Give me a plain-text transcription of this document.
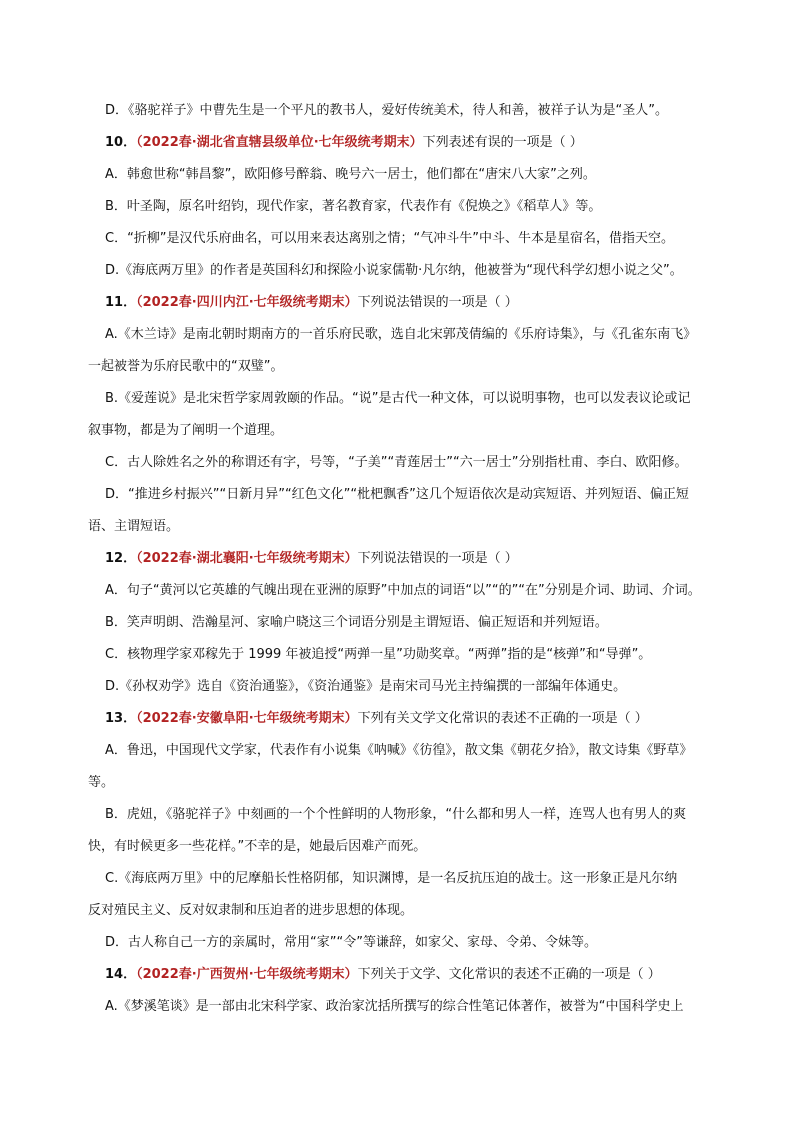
D．《骆驼祥子》中曹先生是一个平凡的教书人，爱好传统美术，待人和善，被祥子认为是“圣人”。
10．（2022春·湖北省直辖县级单位·七年级统考期末）下列表述有误的一项是（ ）
A．韩愈世称“韩昌黎”，欧阳修号醉翁、晚号六一居士，他们都在“唐宋八大家”之列。
B．叶圣陶，原名叶绍钧，现代作家，著名教育家，代表作有《倪焕之》《稻草人》等。
C．“折柳”是汉代乐府曲名，可以用来表达离别之情；“气冲斗牛”中斗、牛本是星宿名，借指天空。
D.《海底两万里》的作者是英国科幻和探险小说家儒勒·凡尔纳，他被誉为“现代科学幻想小说之父”。
11．（2022春·四川内江·七年级统考期末）下列说法错误的一项是（ ）
A.《木兰诗》是南北朝时期南方的一首乐府民歌，选自北宋郭茂倩编的《乐府诗集》，与《孔雀东南飞》
一起被誉为乐府民歌中的“双璧”。
B.《爱莲说》是北宋哲学家周敦颐的作品。“说”是古代一种文体，可以说明事物，也可以发表议论或记
叙事物，都是为了阐明一个道理。
C．古人除姓名之外的称谓还有字，号等，“子美”“青莲居士”“六一居士”分别指杜甫、李白、欧阳修。
D．“推进乡村振兴”“日新月异”“红色文化”“枇杷飘香”这几个短语依次是动宾短语、并列短语、偏正短
语、主谓短语。
12．（2022春·湖北襄阳·七年级统考期末）下列说法错误的一项是（ ）
A．句子“黄河以它英雄的气魄出现在亚洲的原野”中加点的词语“以”“的”“在”分别是介词、助词、介词。
B．笑声明朗、浩瀚星河、家喻户晓这三个词语分别是主谓短语、偏正短语和并列短语。
C．核物理学家邓稼先于 1999 年被追授“两弹一星”功勋奖章。“两弹”指的是“核弹”和“导弹”。
D.《孙权劝学》选自《资治通鉴》，《资治通鉴》是南宋司马光主持编撰的一部编年体通史。
13．（2022春·安徽阜阳·七年级统考期末）下列有关文学文化常识的表述不正确的一项是（ ）
A．鲁迅，中国现代文学家，代表作有小说集《呐喊》《彷徨》，散文集《朝花夕拾》，散文诗集《野草》
等。
B．虎妞，《骆驼祥子》中刻画的一个个性鲜明的人物形象，“什么都和男人一样，连骂人也有男人的爽
快，有时候更多一些花样。”不幸的是，她最后因难产而死。
C.《海底两万里》中的尼摩船长性格阴郁，知识渊博，是一名反抗压迫的战士。这一形象正是凡尔纳
反对殖民主义、反对奴隶制和压迫者的进步思想的体现。
D．古人称自己一方的亲属时，常用“家”“令”等谦辞，如家父、家母、令弟、令妹等。
14．（2022春·广西贺州·七年级统考期末）下列关于文学、文化常识的表述不正确的一项是（ ）
A.《梦溪笔谈》是一部由北宋科学家、政治家沈括所撰写的综合性笔记体著作，被誉为“中国科学史上
